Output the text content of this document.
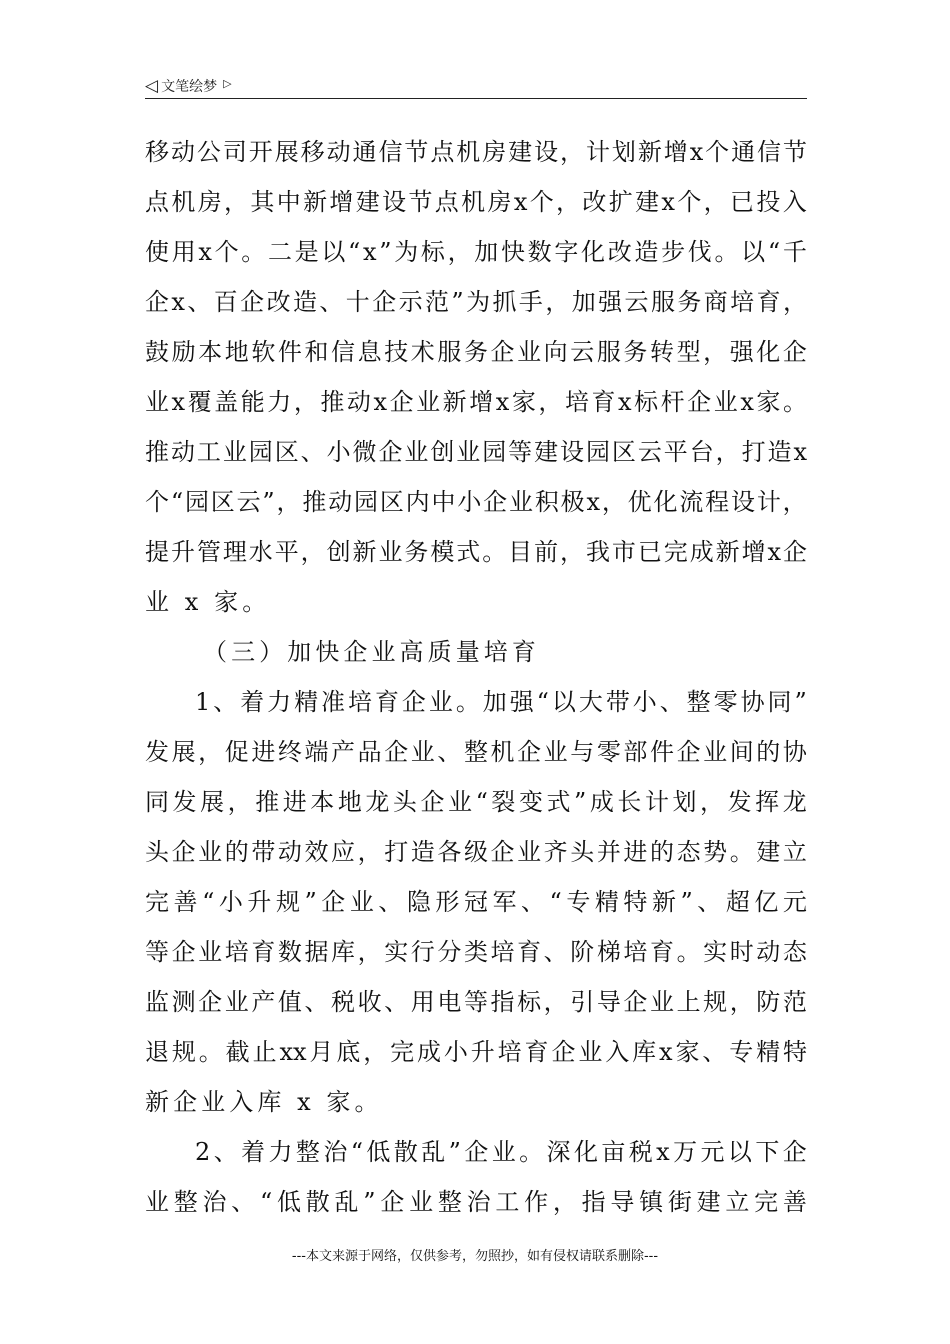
◁ 文笔绘梦 ▷
移 动 公 司 开 展 移 动 通 信 节 点 机 房 建 设 ， 计 划 新 增 x 个 通 信 节
点 机 房 ， 其 中 新 增 建 设 节 点 机 房 x 个 ， 改 扩 建 x 个 ， 已 投 入
使 用 x 个 。 二 是 以 “ x ” 为 标 ， 加 快 数 字 化 改 造 步 伐 。 以 “ 千
企 x 、 百 企 改 造 、 十 企 示 范 ” 为 抓 手 ， 加 强 云 服 务 商 培 育 ，
鼓 励 本 地 软 件 和 信 息 技 术 服 务 企 业 向 云 服 务 转 型 ， 强 化 企
业 x 覆 盖 能 力 ， 推 动 x 企 业 新 增 x 家 ， 培 育 x 标 杆 企 业 x 家 。
推 动 工 业 园 区 、 小 微 企 业 创 业 园 等 建 设 园 区 云 平 台 ， 打 造 x
个 “ 园 区 云 ” ， 推 动 园 区 内 中 小 企 业 积 极 x ， 优 化 流 程 设 计 ，
提 升 管 理 水 平 ， 创 新 业 务 模 式 。 目 前 ， 我 市 已 完 成 新 增 x 企
业 x 家。
（三）加快企业高质量培育
1 、 着 力 精 准 培 育 企 业 。 加 强 “ 以 大 带 小 、 整 零 协 同 ”
发 展 ， 促 进 终 端 产 品 企 业 、 整 机 企 业 与 零 部 件 企 业 间 的 协
同 发 展 ， 推 进 本 地 龙 头 企 业 “ 裂 变 式 ” 成 长 计 划 ， 发 挥 龙
头 企 业 的 带 动 效 应 ， 打 造 各 级 企 业 齐 头 并 进 的 态 势 。 建 立
完 善 “ 小 升 规 ” 企 业 、 隐 形 冠 军 、 “ 专 精 特 新 ” 、 超 亿 元
等 企 业 培 育 数 据 库 ， 实 行 分 类 培 育 、 阶 梯 培 育 。 实 时 动 态
监 测 企 业 产 值 、 税 收 、 用 电 等 指 标 ， 引 导 企 业 上 规 ， 防 范
退 规 。 截 止 xx 月 底 ， 完 成 小 升 培 育 企 业 入 库 x 家 、 专 精 特
新企业入库 x 家。
2 、 着 力 整 治 “ 低 散 乱 ” 企 业 。 深 化 亩 税 x 万 元 以 下 企
业 整 治 、 “ 低 散 乱 ” 企 业 整 治 工 作 ， 指 导 镇 街 建 立 完 善
---本文来源于网络，仅供参考，勿照抄，如有侵权请联系删除---
